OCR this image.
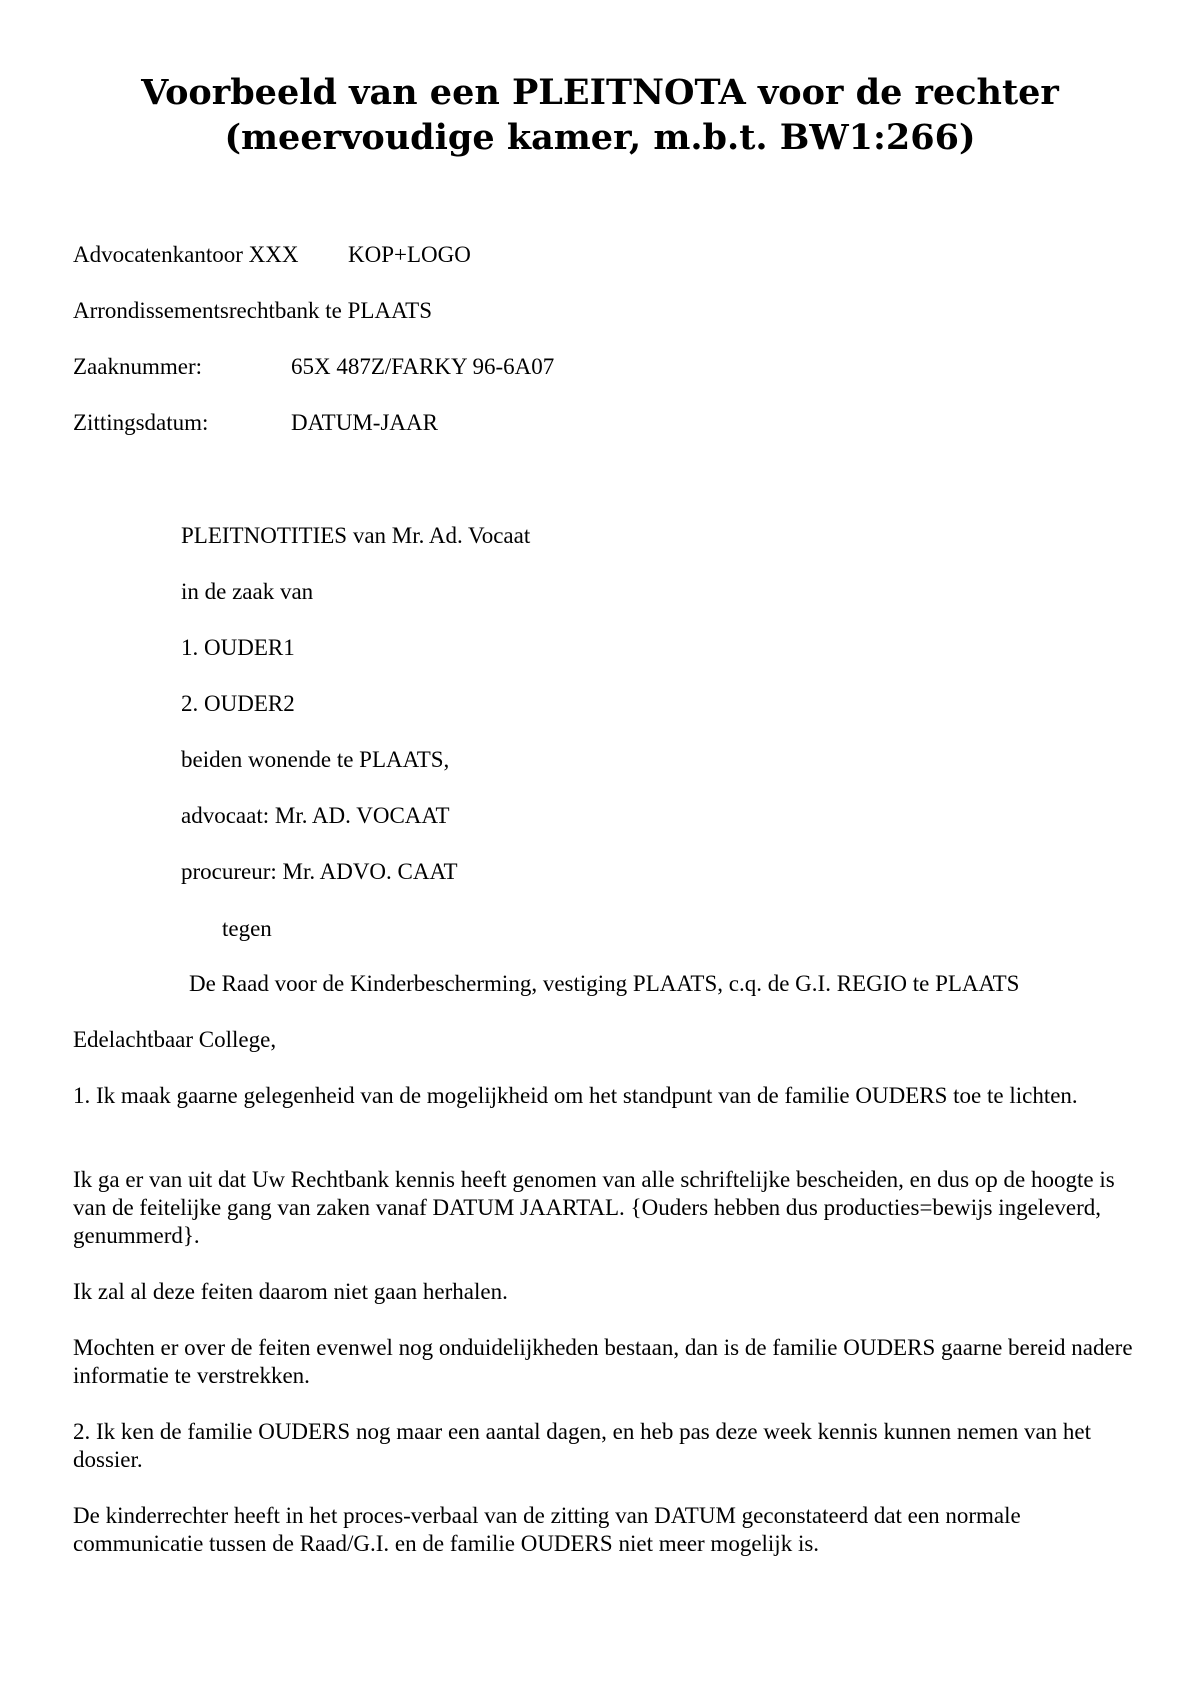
Voorbeeld van een PLEITNOTA voor de rechter
(meervoudige kamer, m.b.t. BW1:266)

Advocatenkantoor XXX KOP+LOGO

Arrondissementsrechtbank te PLAATS

Zaaknummer:	65X 487Z/FARKY 96-6A07

Zittingsdatum:	DATUM-JAAR

PLEITNOTITIES van Mr. Ad. Vocaat

in de zaak van

1. OUDER1

2. OUDER2

beiden wonende te PLAATS,

advocaat: Mr. AD. VOCAAT

procureur: Mr. ADVO. CAAT

tegen

De Raad voor de Kinderbescherming, vestiging PLAATS, c.q. de G.I. REGIO te PLAATS

Edelachtbaar College,

1. Ik maak gaarne gelegenheid van de mogelijkheid om het standpunt van de familie OUDERS toe te lichten.

Ik ga er van uit dat Uw Rechtbank kennis heeft genomen van alle schriftelijke bescheiden, en dus op de hoogte is van de feitelijke gang van zaken vanaf DATUM JAARTAL. {Ouders hebben dus producties=bewijs ingeleverd, genummerd}.

Ik zal al deze feiten daarom niet gaan herhalen.

Mochten er over de feiten evenwel nog onduidelijkheden bestaan, dan is de familie OUDERS gaarne bereid nadere informatie te verstrekken.

2. Ik ken de familie OUDERS nog maar een aantal dagen, en heb pas deze week kennis kunnen nemen van het dossier.

De kinderrechter heeft in het proces-verbaal van de zitting van DATUM geconstateerd dat een normale communicatie tussen de Raad/G.I. en de familie OUDERS niet meer mogelijk is.
